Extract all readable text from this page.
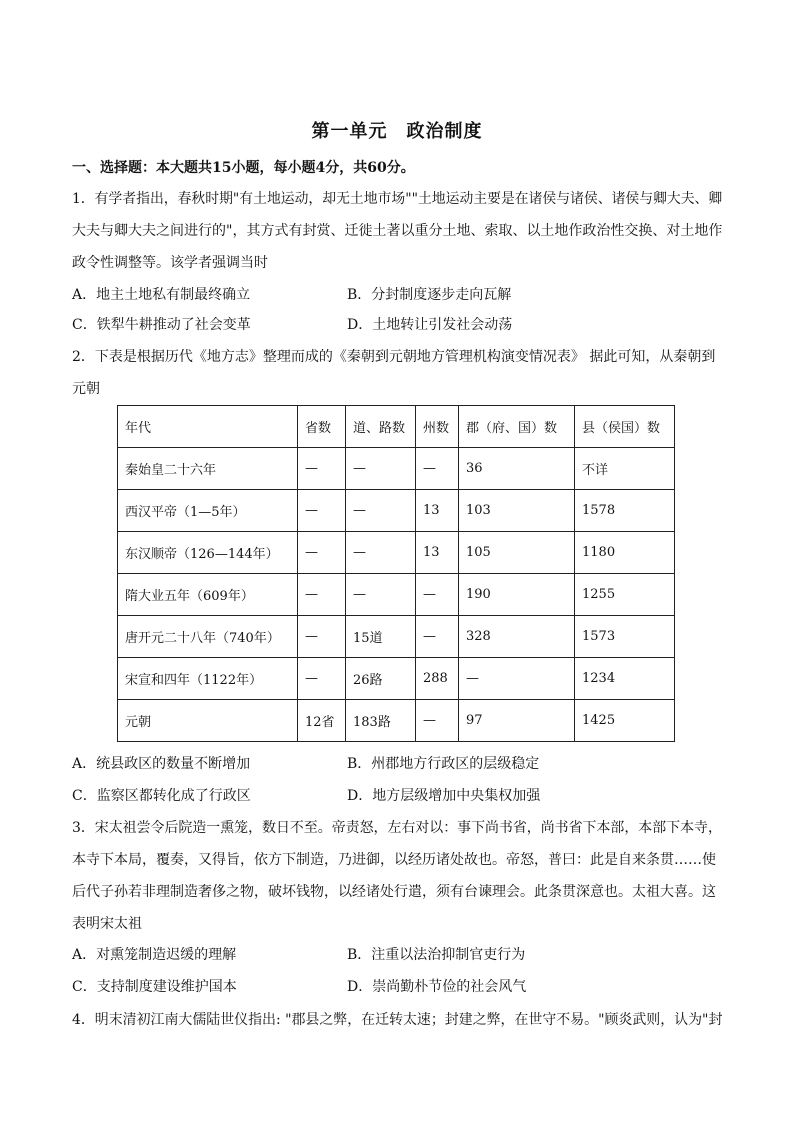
第一单元　政治制度
一、选择题：本大题共15小题，每小题4分，共60分。
1．有学者指出，春秋时期"有土地运动，却无土地市场""土地运动主要是在诸侯与诸侯、诸侯与卿大夫、卿
大夫与卿大夫之间进行的"，其方式有封赏、迁徙土著以重分土地、索取、以土地作政治性交换、对土地作
政令性调整等。该学者强调当时
A．地主土地私有制最终确立	B．分封制度逐步走向瓦解
C．铁犁牛耕推动了社会变革	D．土地转让引发社会动荡
2．下表是根据历代《地方志》整理而成的《秦朝到元朝地方管理机构演变情况表》 据此可知，从秦朝到
元朝
年代	省数	道、路数	州数	郡（府、国）数	县（侯国）数
秦始皇二十六年	—	—	—	36	不详
西汉平帝（1—5年）	—	—	13	103	1578
东汉顺帝（126—144年）	—	—	13	105	1180
隋大业五年（609年）	—	—	—	190	1255
唐开元二十八年（740年）	—	15道	—	328	1573
宋宣和四年（1122年）	—	26路	288	—	1234
元朝	12省	183路	—	97	1425
A．统县政区的数量不断增加	B．州郡地方行政区的层级稳定
C．监察区都转化成了行政区	D．地方层级增加中央集权加强
3．宋太祖尝令后院造一熏笼，数日不至。帝责怒，左右对以：事下尚书省，尚书省下本部，本部下本寺，
本寺下本局，覆奏，又得旨，依方下制造，乃进御，以经历诸处故也。帝怒，普曰：此是自来条贯……使
后代子孙若非理制造奢侈之物，破坏钱物，以经诸处行遣，须有台谏理会。此条贯深意也。太祖大喜。这
表明宋太祖
A．对熏笼制造迟缓的理解	B．注重以法治抑制官吏行为
C．支持制度建设维护国本	D．崇尚勤朴节俭的社会风气
4．明末清初江南大儒陆世仪指出: "郡县之弊，在迁转太速；封建之弊，在世守不易。"顾炎武则，认为"封
